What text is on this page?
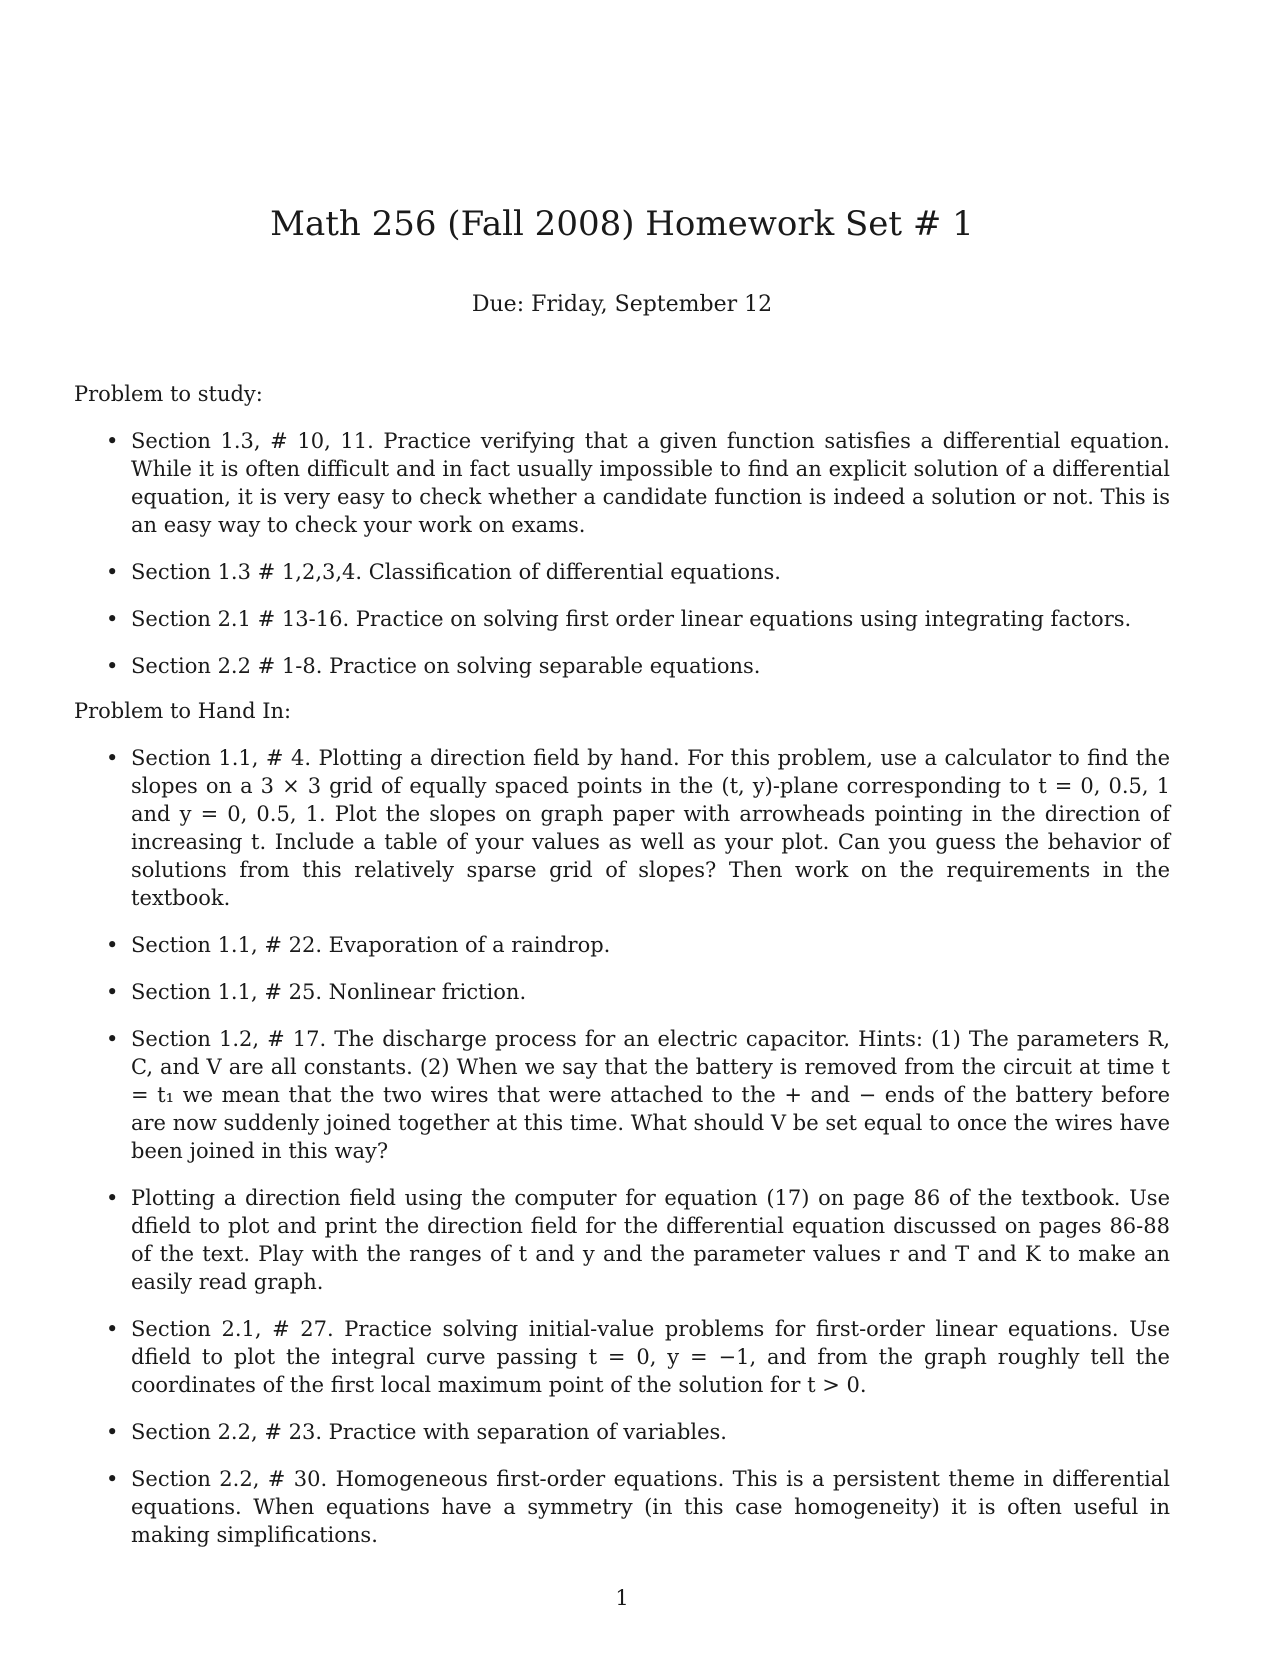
Math 256 (Fall 2008) Homework Set # 1

Due: Friday, September 12

Problem to study:

• Section 1.3, # 10, 11. Practice verifying that a given function satisfies a differential equation. While it is often difficult and in fact usually impossible to find an explicit solution of a differential equation, it is very easy to check whether a candidate function is indeed a solution or not. This is an easy way to check your work on exams.
• Section 1.3 # 1,2,3,4. Classification of differential equations.
• Section 2.1 # 13-16. Practice on solving first order linear equations using integrating factors.
• Section 2.2 # 1-8. Practice on solving separable equations.

Problem to Hand In:

• Section 1.1, # 4. Plotting a direction field by hand. For this problem, use a calculator to find the slopes on a 3 × 3 grid of equally spaced points in the (t, y)-plane corresponding to t = 0, 0.5, 1 and y = 0, 0.5, 1. Plot the slopes on graph paper with arrowheads pointing in the direction of increasing t. Include a table of your values as well as your plot. Can you guess the behavior of solutions from this relatively sparse grid of slopes? Then work on the requirements in the textbook.
• Section 1.1, # 22. Evaporation of a raindrop.
• Section 1.1, # 25. Nonlinear friction.
• Section 1.2, # 17. The discharge process for an electric capacitor. Hints: (1) The parameters R, C, and V are all constants. (2) When we say that the battery is removed from the circuit at time t = t₁ we mean that the two wires that were attached to the + and − ends of the battery before are now suddenly joined together at this time. What should V be set equal to once the wires have been joined in this way?
• Plotting a direction field using the computer for equation (17) on page 86 of the textbook. Use dfield to plot and print the direction field for the differential equation discussed on pages 86-88 of the text. Play with the ranges of t and y and the parameter values r and T and K to make an easily read graph.
• Section 2.1, # 27. Practice solving initial-value problems for first-order linear equations. Use dfield to plot the integral curve passing t = 0, y = −1, and from the graph roughly tell the coordinates of the first local maximum point of the solution for t > 0.
• Section 2.2, # 23. Practice with separation of variables.
• Section 2.2, # 30. Homogeneous first-order equations. This is a persistent theme in differential equations. When equations have a symmetry (in this case homogeneity) it is often useful in making simplifications.
1
